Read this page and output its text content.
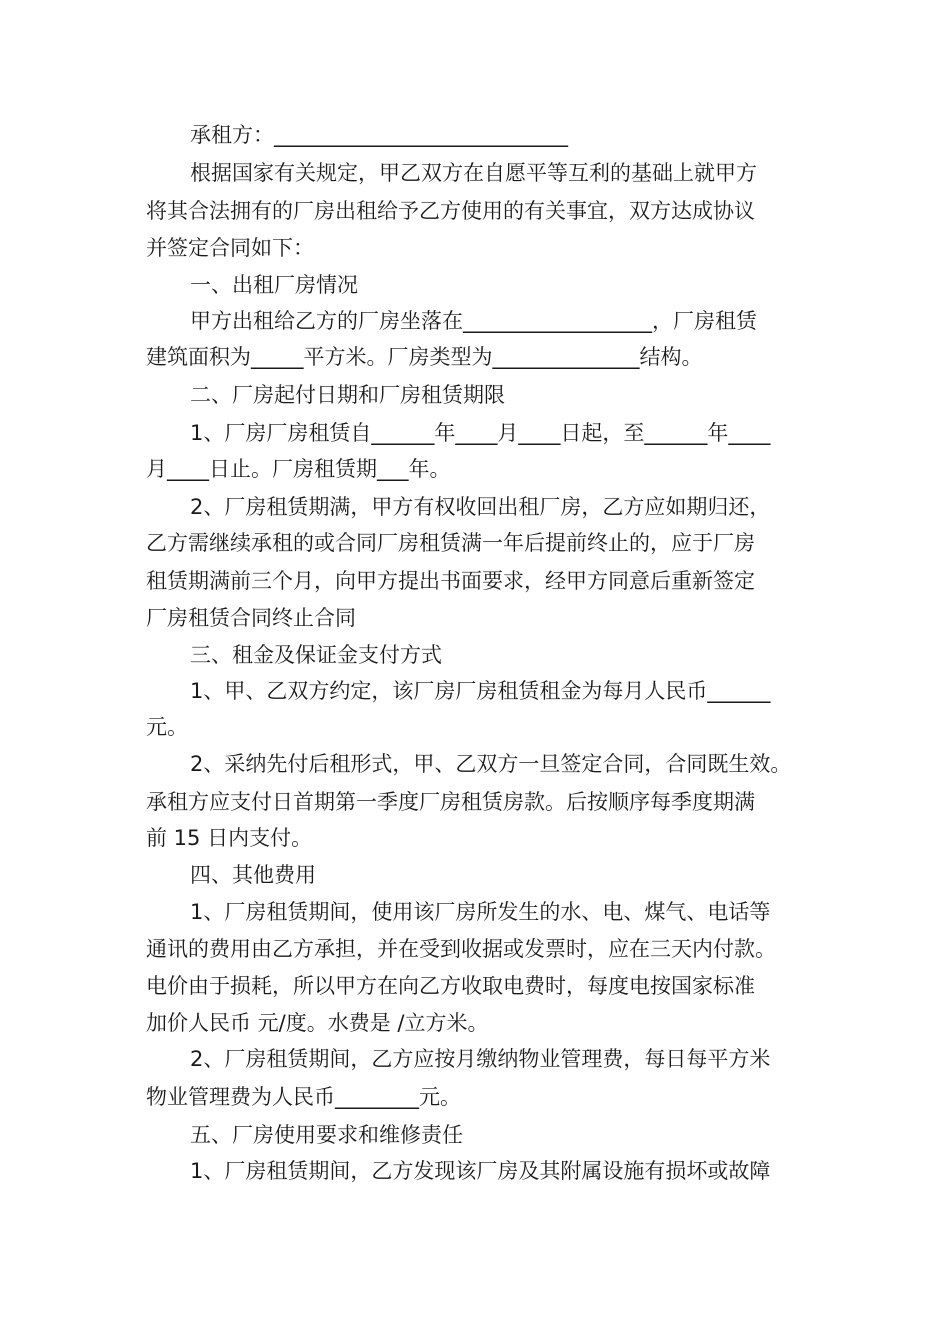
承租方：____________________________
根据国家有关规定，甲乙双方在自愿平等互利的基础上就甲方
将其合法拥有的厂房出租给予乙方使用的有关事宜，双方达成协议
并签定合同如下：
一、出租厂房情况
甲方出租给乙方的厂房坐落在__________________，厂房租赁
建筑面积为_____平方米。厂房类型为______________结构。
二、厂房起付日期和厂房租赁期限
1、厂房厂房租赁自______年____月____日起，至______年____
月____日止。厂房租赁期___年。
2、厂房租赁期满，甲方有权收回出租厂房，乙方应如期归还，
乙方需继续承租的或合同厂房租赁满一年后提前终止的，应于厂房
租赁期满前三个月，向甲方提出书面要求，经甲方同意后重新签定
厂房租赁合同终止合同
三、租金及保证金支付方式
1、甲、乙双方约定，该厂房厂房租赁租金为每月人民币______
元。
2、采纳先付后租形式，甲、乙双方一旦签定合同，合同既生效。
承租方应支付日首期第一季度厂房租赁房款。后按顺序每季度期满
前 15 日内支付。
四、其他费用
1、厂房租赁期间，使用该厂房所发生的水、电、煤气、电话等
通讯的费用由乙方承担，并在受到收据或发票时，应在三天内付款。
电价由于损耗，所以甲方在向乙方收取电费时，每度电按国家标准
加价人民币 元/度。水费是 /立方米。
2、厂房租赁期间，乙方应按月缴纳物业管理费，每日每平方米
物业管理费为人民币________元。
五、厂房使用要求和维修责任
1、厂房租赁期间，乙方发现该厂房及其附属设施有损坏或故障
